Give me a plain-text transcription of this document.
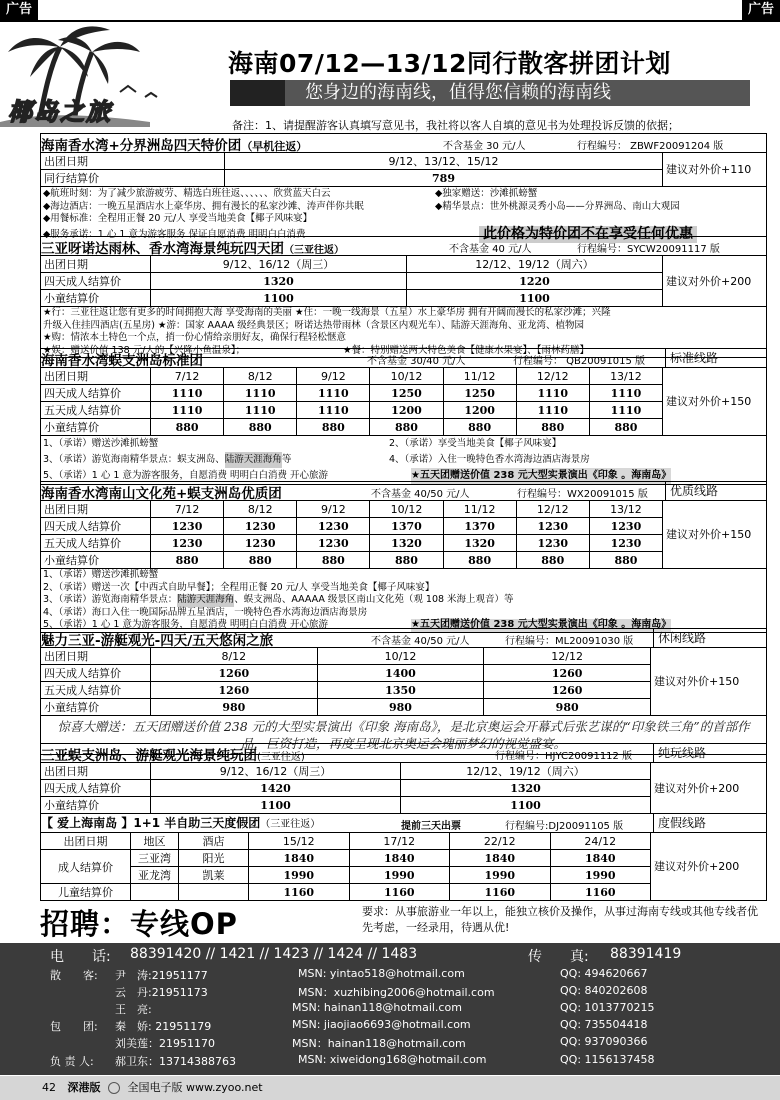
广告	广告
椰岛之旅
海南07/12—13/12同行散客拼团计划
您身边的海南线，值得您信赖的海南线
备注：1、请提醒游客认真填写意见书，我社将以客人自填的意见书为处理投诉反馈的依据；
海南香水湾+分界洲岛四天特价团（早机往返）	不含基金 30 元/人	行程编号： ZBWF20091204 版
出团日期	9/12、13/12、15/12	建议对外价+110
同行结算价	789	
◆航班时刻：为了减少旅游疲劳、精选白班往返、、、、、、欣赏蓝天白云	◆独家赠送：沙滩抓螃蟹
◆海边酒店：一晚五星酒店水上豪华房、拥有漫长的私家沙滩、涛声伴你共眠	◆精华景点：世外桃源灵秀小岛——分界洲岛、南山大观园
◆用餐标准：全程用正餐 20 元/人 享受当地美食【椰子风味宴】
◆服务承诺：1 心 1 意为游客服务 保证自愿消费 明明白白消费	此价格为特价团不在享受任何优惠
三亚呀诺达雨林、香水湾海景纯玩四天团（三亚往返）	不含基金 40 元/人	行程编号：SYCW20091117 版
出团日期	9/12、16/12（周三）	12/12、19/12（周六）	建议对外价+200
四天成人结算价	1320	1220	
小童结算价	1100	1100	
★行：三亚往返让您有更多的时间拥抱大海 享受海南的美丽 ★住：一晚一线海景（五星）水上豪华房 拥有开阔而漫长的私家沙滩；兴隆
升级入住挂四酒店(五星房) ★游：国家 AAAA 级经典景区；呀诺达热带雨林（含景区内观光车）、陆游天涯海角、亚龙湾、植物园
★购：情浓本土特色一个点，捎一份心情给亲朋好友，确保行程轻松惬意
★娱：赠送价值 138 元/人的【兴隆小鱼温泉】；	★餐：特别赠送两大特色美食【健康水果宴】、【雨林药膳】
海南香水湾蜈支洲岛标准团	不含基金 30/40 元/人	行程编号： QB20091015 版	标准线路
出团日期	7/12	8/12	9/12	10/12	11/12	12/12	13/12	建议对外价+150
四天成人结算价	1110	1110	1110	1250	1250	1110	1110	
五天成人结算价	1110	1110	1110	1200	1200	1110	1110	
小童结算价	880	880	880	880	880	880	880	
1、（承诺）赠送沙滩抓螃蟹	2、（承诺）享受当地美食【椰子风味宴】
3、（承诺）游览海南精华景点：蜈支洲岛、陆游天涯海角等	4、（承诺）入住一晚特色香水湾海边酒店海景房
5、（承诺）1 心 1 意为游客服务，自愿消费 明明白白消费 开心旅游	★五天团赠送价值 238 元大型实景演出《印象 。海南岛》
海南香水湾南山文化苑+蜈支洲岛优质团	不含基金 40/50 元/人	行程编号：WX20091015 版	优质线路
出团日期	7/12	8/12	9/12	10/12	11/12	12/12	13/12	建议对外价+150
四天成人结算价	1230	1230	1230	1370	1370	1230	1230	
五天成人结算价	1230	1230	1230	1320	1320	1230	1230	
小童结算价	880	880	880	880	880	880	880	
1、（承诺）赠送沙滩抓螃蟹
2、（承诺）赠送一次【中西式自助早餐】；全程用正餐 20 元/人 享受当地美食【椰子风味宴】
3、（承诺）游览海南精华景点：陆游天涯海角、蜈支洲岛、AAAAA 级景区南山文化苑（观 108 米海上观音）等
4、（承诺）海口入住一晚国际品牌五星酒店，一晚特色香水湾海边酒店海景房
5、（承诺）1 心 1 意为游客服务，自愿消费 明明白白消费 开心旅游	★五天团赠送价值 238 元大型实景演出《印象 。海南岛》
魅力三亚-游艇观光-四天/五天悠闲之旅	不含基金 40/50 元/人	行程编号：ML20091030 版	休闲线路
出团日期	8/12	10/12	12/12	建议对外价+150
四天成人结算价	1260	1400	1260	
五天成人结算价	1260	1350	1260	
小童结算价	980	980	980	
惊喜大赠送：五天团赠送价值 238 元的大型实景演出《印象 海南岛》，是北京奥运会开幕式后张艺谋的“印象铁三角”的首部作品，巨资打造，再度呈现北京奥运会瑰丽梦幻的视觉盛宴。
三亚蜈支洲岛、游艇观光海景纯玩团(三亚往返)	行程编号：HJYC20091112 版	纯玩线路
出团日期	9/12、16/12（周三）	12/12、19/12（周六）	建议对外价+200
四天成人结算价	1420	1320	
小童结算价	1100	1100	
【 爱上海南岛 】1+1 半自助三天度假团（三亚往返）	提前三天出票	行程编号:DJ20091105 版	度假线路
出团日期	地区	酒店	15/12	17/12	22/12	24/12	建议对外价+200
成人结算价	三亚湾	阳光	1840	1840	1840	1840	
	亚龙湾	凯莱	1990	1990	1990	1990	
儿童结算价			1160	1160	1160	1160	
招聘：专线OP	要求：从事旅游业一年以上，能独立核价及操作，从事过海南专线或其他专线者优先考虑，一经录用，待遇从优!
电　　话: 88391420 // 1421 // 1423 // 1424 // 1483	传　　真: 88391419
散　　客: 尹　涛:21951177	MSN: yintao518@hotmail.com	QQ: 494620667
云　丹:21951173	MSN：xuzhibing2006@hotmail.com	QQ: 840202608
王　亮:	MSN: hainan118@hotmail.com	QQ: 1013770215
包　　团: 秦　娇: 21951179	MSN: jiaojiao6693@hotmail.com	QQ: 735504418
刘美莲：21951170	MSN：hainan118@hotmail.com	QQ: 937090366
负 责 人: 郝卫东：13714388763	MSN: xiweidong168@hotmail.com	QQ: 1156137458
42 深港版 全国电子版 www.zyoo.net
